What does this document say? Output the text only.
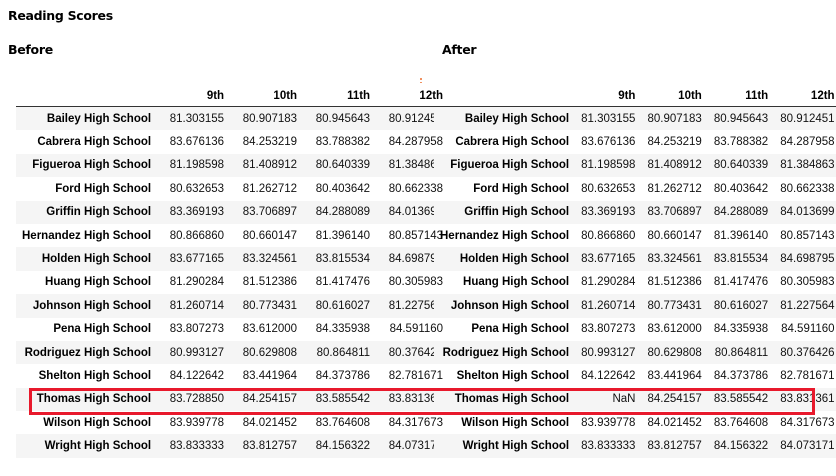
Reading Scores
Before	After
	9th	10th	11th	12th
Bailey High School	81.303155	80.907183	80.945643	80.912451
Cabrera High School	83.676136	84.253219	83.788382	84.287958
Figueroa High School	81.198598	81.408912	80.640339	81.384863
Ford High School	80.632653	81.262712	80.403642	80.662338
Griffin High School	83.369193	83.706897	84.288089	84.013699
Hernandez High School	80.866860	80.660147	81.396140	80.857143
Holden High School	83.677165	83.324561	83.815534	84.698795
Huang High School	81.290284	81.512386	81.417476	80.305983
Johnson High School	81.260714	80.773431	80.616027	81.227564
Pena High School	83.807273	83.612000	84.335938	84.591160
Rodriguez High School	80.993127	80.629808	80.864811	80.376426
Shelton High School	84.122642	83.441964	84.373786	82.781671
Thomas High School	83.728850	84.254157	83.585542	83.831361
Wilson High School	83.939778	84.021452	83.764608	84.317673
Wright High School	83.833333	83.812757	84.156322	84.073171
	9th	10th	11th	12th
Bailey High School	81.303155	80.907183	80.945643	80.912451
Cabrera High School	83.676136	84.253219	83.788382	84.287958
Figueroa High School	81.198598	81.408912	80.640339	81.384863
Ford High School	80.632653	81.262712	80.403642	80.662338
Griffin High School	83.369193	83.706897	84.288089	84.013699
Hernandez High School	80.866860	80.660147	81.396140	80.857143
Holden High School	83.677165	83.324561	83.815534	84.698795
Huang High School	81.290284	81.512386	81.417476	80.305983
Johnson High School	81.260714	80.773431	80.616027	81.227564
Pena High School	83.807273	83.612000	84.335938	84.591160
Rodriguez High School	80.993127	80.629808	80.864811	80.376426
Shelton High School	84.122642	83.441964	84.373786	82.781671
Thomas High School	NaN	84.254157	83.585542	83.831361
Wilson High School	83.939778	84.021452	83.764608	84.317673
Wright High School	83.833333	83.812757	84.156322	84.073171
